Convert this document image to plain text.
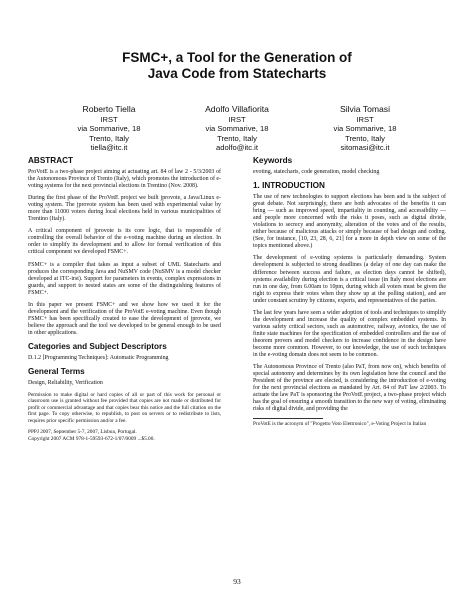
FSMC+, a Tool for the Generation of
Java Code from Statecharts
Roberto Tiella
IRST
via Sommarive, 18
Trento, Italy
tiella@itc.it
Adolfo Villafiorita
IRST
via Sommarive, 18
Trento, Italy
adolfo@itc.it
Silvia Tomasi
IRST
via Sommarive, 18
Trento, Italy
sitomasi@itc.it
ABSTRACT

ProVotE is a two-phase project aiming at actuating art. 84 of law 2 - 5/3/2003 of the Autonomous Province of Trento (Italy), which promotes the introduction of e-voting systems for the next provincial elections in Trentino (Nov. 2008).

During the first phase of the ProVotE project we built jprovote, a Java/Linux e-voting system. The jprovote system has been used with experimental value by more than 11000 voters during local elections held in various municipalities of Trentino (Italy).

A critical component of jprovote is its core logic, that is responsible of controlling the overall behavior of the e-voting machine during an election. In order to simplify its development and to allow for formal verification of this critical component we developed FSMC+.

FSMC+ is a compiler that takes as input a subset of UML Statecharts and produces the corresponding Java and NuSMV code (NuSMV is a model checker developed at ITC-irst). Support for parameters in events, complex expressions in guards, and support to nested states are some of the distinguishing features of FSMC+.

In this paper we present FSMC+ and we show how we used it for the development and the verification of the ProVotE e-voting machine. Even though FSMC+ has been specifically created to ease the development of jprovote, we believe the approach and the tool we developed to be general enough to be used in other applications.

Categories and Subject Descriptors

D.1.2 [Programming Techniques]: Automatic Programming

General Terms

Design, Reliability, Verification

Permission to make digital or hard copies of all or part of this work for personal or classroom use is granted without fee provided that copies are not made or distributed for profit or commercial advantage and that copies bear this notice and the full citation on the first page. To copy otherwise, to republish, to post on servers or to redistribute to lists, requires prior specific permission and/or a fee.

PPPJ 2007, September 5-7, 2007, Lisboa, Portugal.
Copyright 2007 ACM 978-1-59593-672-1/07/0009 ...$5.00.
Keywords

evoting, statecharts, code generation, model checking

1. INTRODUCTION

The use of new technologies to support elections has been and is the subject of great debate. Not surprisingly, there are both advocates of the benefits it can bring — such as improved speed, impartiality in counting, and accessibility — and people more concerned with the risks it poses, such as digital divide, violations to secrecy and anonymity, alteration of the votes and of the results, either because of malicious attacks or simply because of bad design and coding. (See, for instance, [10, 23, 28, 6, 21] for a more in depth view on some of the topics mentioned above.)

The development of e-voting systems is particularly demanding. System development is subjected to strong deadlines (a delay of one day can make the difference between success and failure, as election days cannot be shifted), systems availability during election is a critical issue (in Italy most elections are run in one day, from 6.00am to 10pm, during which all voters must be given the right to express their votes when they show up at the polling station), and are under constant scrutiny by citizens, experts, and representatives of the parties.

The last few years have seen a wider adoption of tools and techniques to simplify the development and increase the quality of complex embedded systems. In various safety critical sectors, such as automotive, railway, avionics, the use of finite state machines for the specification of embedded controllers and the use of theorem provers and model checkers to increase confidence in the design have become more common. However, to our knowledge, the use of such techniques in the e-voting domain does not seem to be common.

The Autonomous Province of Trento (also PaT, from now on), which benefits of special autonomy and determines by its own legislation how the council and the President of the province are elected, is considering the introduction of e-voting for the next provincial elections as mandated by Art. 84 of PaT law 2/2003. To actuate the law PaT is sponsoring the ProVotE project, a two-phase project which has the goal of ensuring a smooth transition to the new way of voting, eliminating risks of digital divide, and providing the

ProVotE is the acronym of "Progetto Voto Elettronico", e-Voting Project in Italian
93
